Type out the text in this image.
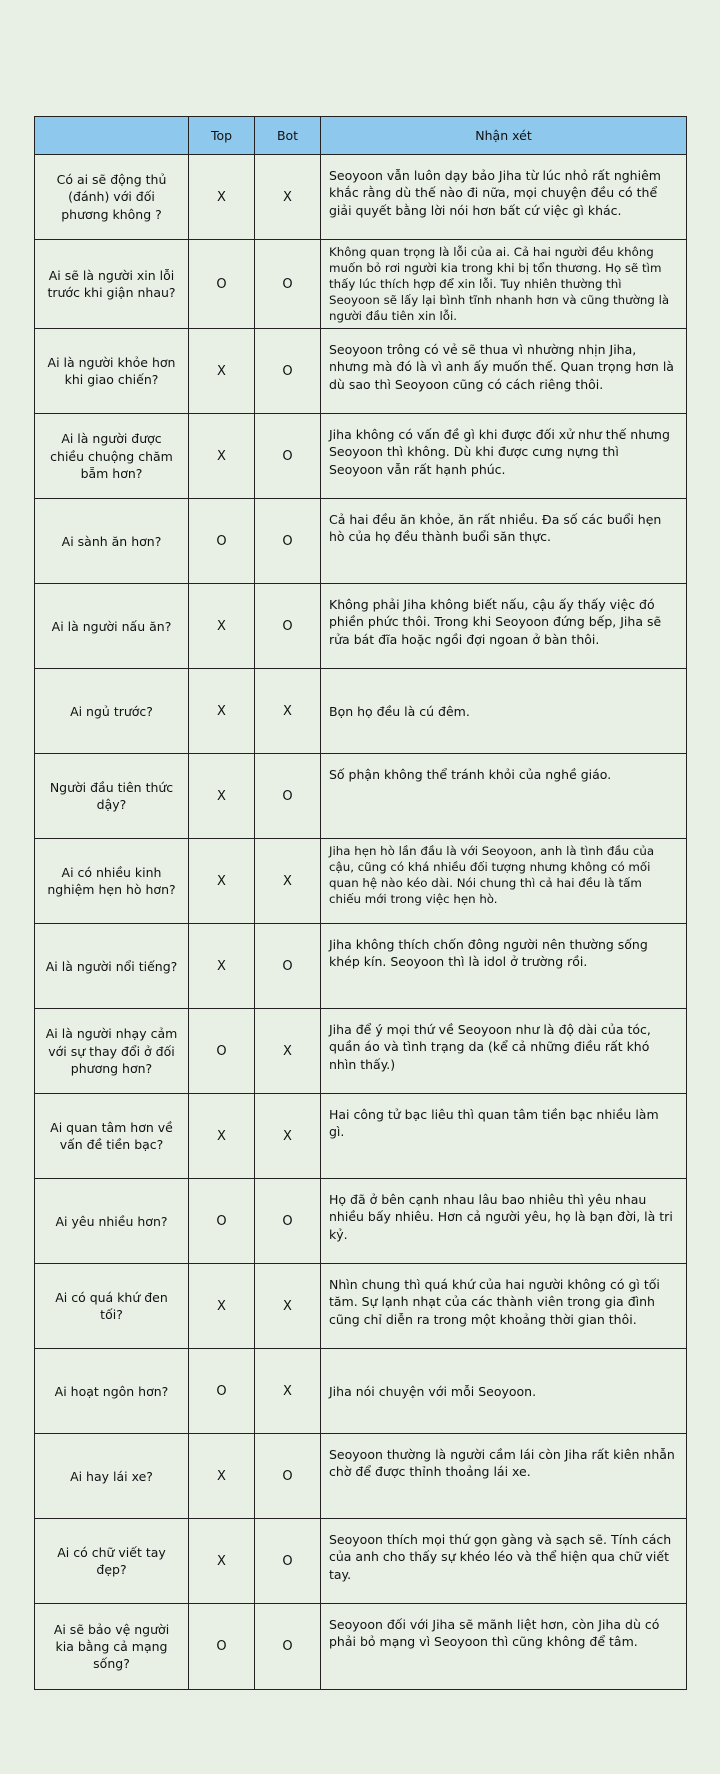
	Top	Bot	Nhận xét
Có ai sẽ động thủ (đánh) với đối phương không ?	X	X	Seoyoon vẫn luôn dạy bảo Jiha từ lúc nhỏ rất nghiêm khắc rằng dù thế nào đi nữa, mọi chuyện đều có thể giải quyết bằng lời nói hơn bất cứ việc gì khác.
Ai sẽ là người xin lỗi trước khi giận nhau?	O	O	Không quan trọng là lỗi của ai. Cả hai người đều không muốn bỏ rơi người kia trong khi bị tổn thương. Họ sẽ tìm thấy lúc thích hợp để xin lỗi. Tuy nhiên thường thì Seoyoon sẽ lấy lại bình tĩnh nhanh hơn và cũng thường là người đầu tiên xin lỗi.
Ai là người khỏe hơn khi giao chiến?	X	O	Seoyoon trông có vẻ sẽ thua vì nhường nhịn Jiha, nhưng mà đó là vì anh ấy muốn thế. Quan trọng hơn là dù sao thì Seoyoon cũng có cách riêng thôi.
Ai là người được chiều chuộng chăm bẵm hơn?	X	O	Jiha không có vấn đề gì khi được đối xử như thế nhưng Seoyoon thì không. Dù khi được cưng nựng thì Seoyoon vẫn rất hạnh phúc.
Ai sành ăn hơn?	O	O	Cả hai đều ăn khỏe, ăn rất nhiều. Đa số các buổi hẹn hò của họ đều thành buổi săn thực.
Ai là người nấu ăn?	X	O	Không phải Jiha không biết nấu, cậu ấy thấy việc đó phiền phức thôi. Trong khi Seoyoon đứng bếp, Jiha sẽ rửa bát đĩa hoặc ngồi đợi ngoan ở bàn thôi.
Ai ngủ trước?	X	X	Bọn họ đều là cú đêm.
Người đầu tiên thức dậy?	X	O	Số phận không thể tránh khỏi của nghề giáo.
Ai có nhiều kinh nghiệm hẹn hò hơn?	X	X	Jiha hẹn hò lần đầu là với Seoyoon, anh là tình đầu của cậu, cũng có khá nhiều đối tượng nhưng không có mối quan hệ nào kéo dài. Nói chung thì cả hai đều là tấm chiếu mới trong việc hẹn hò.
Ai là người nổi tiếng?	X	O	Jiha không thích chốn đông người nên thường sống khép kín. Seoyoon thì là idol ở trường rồi.
Ai là người nhạy cảm với sự thay đổi ở đối phương hơn?	O	X	Jiha để ý mọi thứ về Seoyoon như là độ dài của tóc, quần áo và tình trạng da (kể cả những điều rất khó nhìn thấy.)
Ai quan tâm hơn về vấn đề tiền bạc?	X	X	Hai công tử bạc liêu thì quan tâm tiền bạc nhiều làm gì.
Ai yêu nhiều hơn?	O	O	Họ đã ở bên cạnh nhau lâu bao nhiêu thì yêu nhau nhiều bấy nhiêu. Hơn cả người yêu, họ là bạn đời, là tri kỷ.
Ai có quá khứ đen tối?	X	X	Nhìn chung thì quá khứ của hai người không có gì tối tăm. Sự lạnh nhạt của các thành viên trong gia đình cũng chỉ diễn ra trong một khoảng thời gian thôi.
Ai hoạt ngôn hơn?	O	X	Jiha nói chuyện với mỗi Seoyoon.
Ai hay lái xe?	X	O	Seoyoon thường là người cầm lái còn Jiha rất kiên nhẫn chờ để được thỉnh thoảng lái xe.
Ai có chữ viết tay đẹp?	X	O	Seoyoon thích mọi thứ gọn gàng và sạch sẽ. Tính cách của anh cho thấy sự khéo léo và thể hiện qua chữ viết tay.
Ai sẽ bảo vệ người kia bằng cả mạng sống?	O	O	Seoyoon đối với Jiha sẽ mãnh liệt hơn, còn Jiha dù có phải bỏ mạng vì Seoyoon thì cũng không để tâm.
